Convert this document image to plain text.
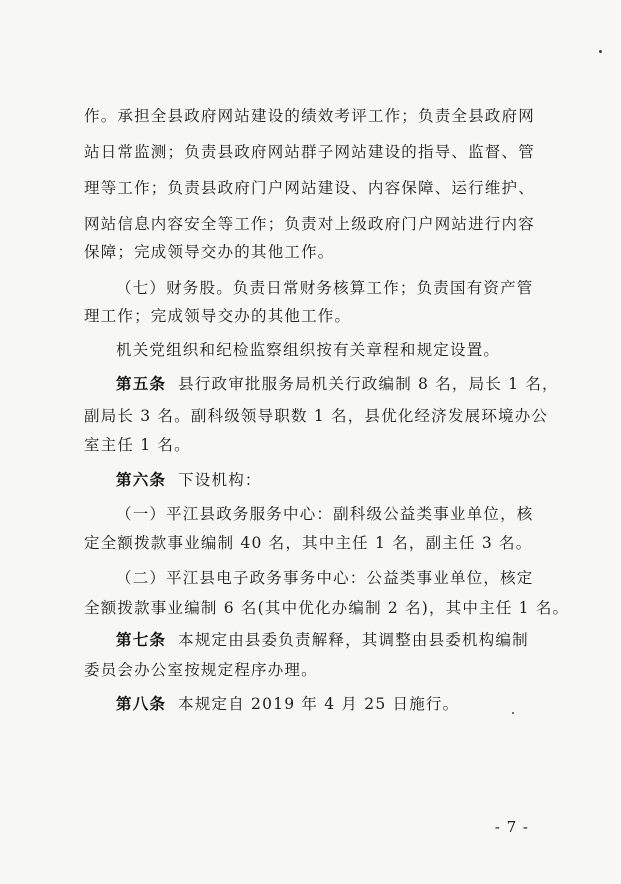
作。承担全县政府网站建设的绩效考评工作；负责全县政府网
站日常监测；负责县政府网站群子网站建设的指导、监督、管
理等工作；负责县政府门户网站建设、内容保障、运行维护、
网站信息内容安全等工作；负责对上级政府门户网站进行内容
保障；完成领导交办的其他工作。
（七）财务股。负责日常财务核算工作；负责国有资产管
理工作；完成领导交办的其他工作。
机关党组织和纪检监察组织按有关章程和规定设置。
第五条 县行政审批服务局机关行政编制 8 名，局长 1 名，
副局长 3 名。副科级领导职数 1 名，县优化经济发展环境办公
室主任 1 名。
第六条 下设机构：
（一）平江县政务服务中心：副科级公益类事业单位，核
定全额拨款事业编制 40 名，其中主任 1 名，副主任 3 名。
（二）平江县电子政务事务中心：公益类事业单位，核定
全额拨款事业编制 6 名(其中优化办编制 2 名)，其中主任 1 名。
第七条 本规定由县委负责解释，其调整由县委机构编制
委员会办公室按规定程序办理。
第八条 本规定自 2019 年 4 月 25 日施行。
- 7 -
